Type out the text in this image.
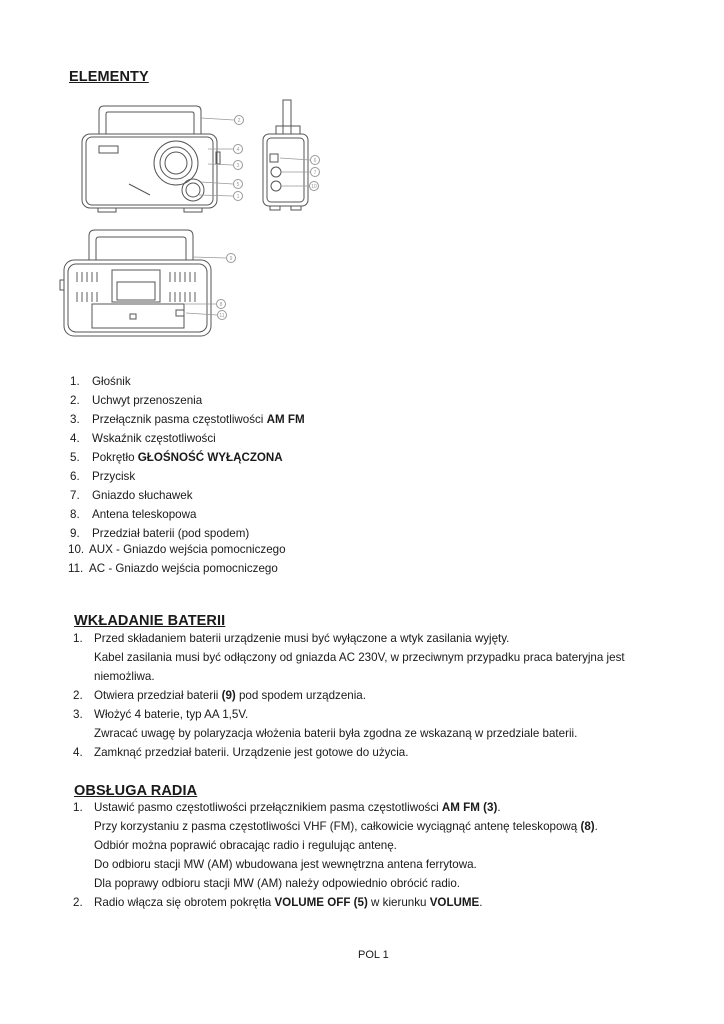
ELEMENTY
2
4
3
5
1
6
7
10
9
8
11
1. Głośnik
2. Uchwyt przenoszenia
3. Przełącznik pasma częstotliwości AM FM
4. Wskaźnik częstotliwości
5. Pokrętło GŁOŚNOŚĆ WYŁĄCZONA
6. Przycisk
7. Gniazdo słuchawek
8. Antena teleskopowa
9. Przedział baterii (pod spodem)
10. AUX - Gniazdo wejścia pomocniczego
11. AC - Gniazdo wejścia pomocniczego
WKŁADANIE BATERII
1. Przed składaniem baterii urządzenie musi być wyłączone a wtyk zasilania wyjęty.
Kabel zasilania musi być odłączony od gniazda AC 230V, w przeciwnym przypadku praca bateryjna jest
niemożliwa.
2. Otwiera przedział baterii (9) pod spodem urządzenia.
3. Włożyć 4 baterie, typ AA 1,5V.
Zwracać uwagę by polaryzacja włożenia baterii była zgodna ze wskazaną w przedziale baterii.
4. Zamknąć przedział baterii. Urządzenie jest gotowe do użycia.
OBSŁUGA RADIA
1. Ustawić pasmo częstotliwości przełącznikiem pasma częstotliwości AM FM (3).
Przy korzystaniu z pasma częstotliwości VHF (FM), całkowicie wyciągnąć antenę teleskopową (8).
Odbiór można poprawić obracając radio i regulując antenę.
Do odbioru stacji MW (AM) wbudowana jest wewnętrzna antena ferrytowa.
Dla poprawy odbioru stacji MW (AM) należy odpowiednio obrócić radio.
2. Radio włącza się obrotem pokrętła VOLUME OFF (5) w kierunku VOLUME.
POL 1
